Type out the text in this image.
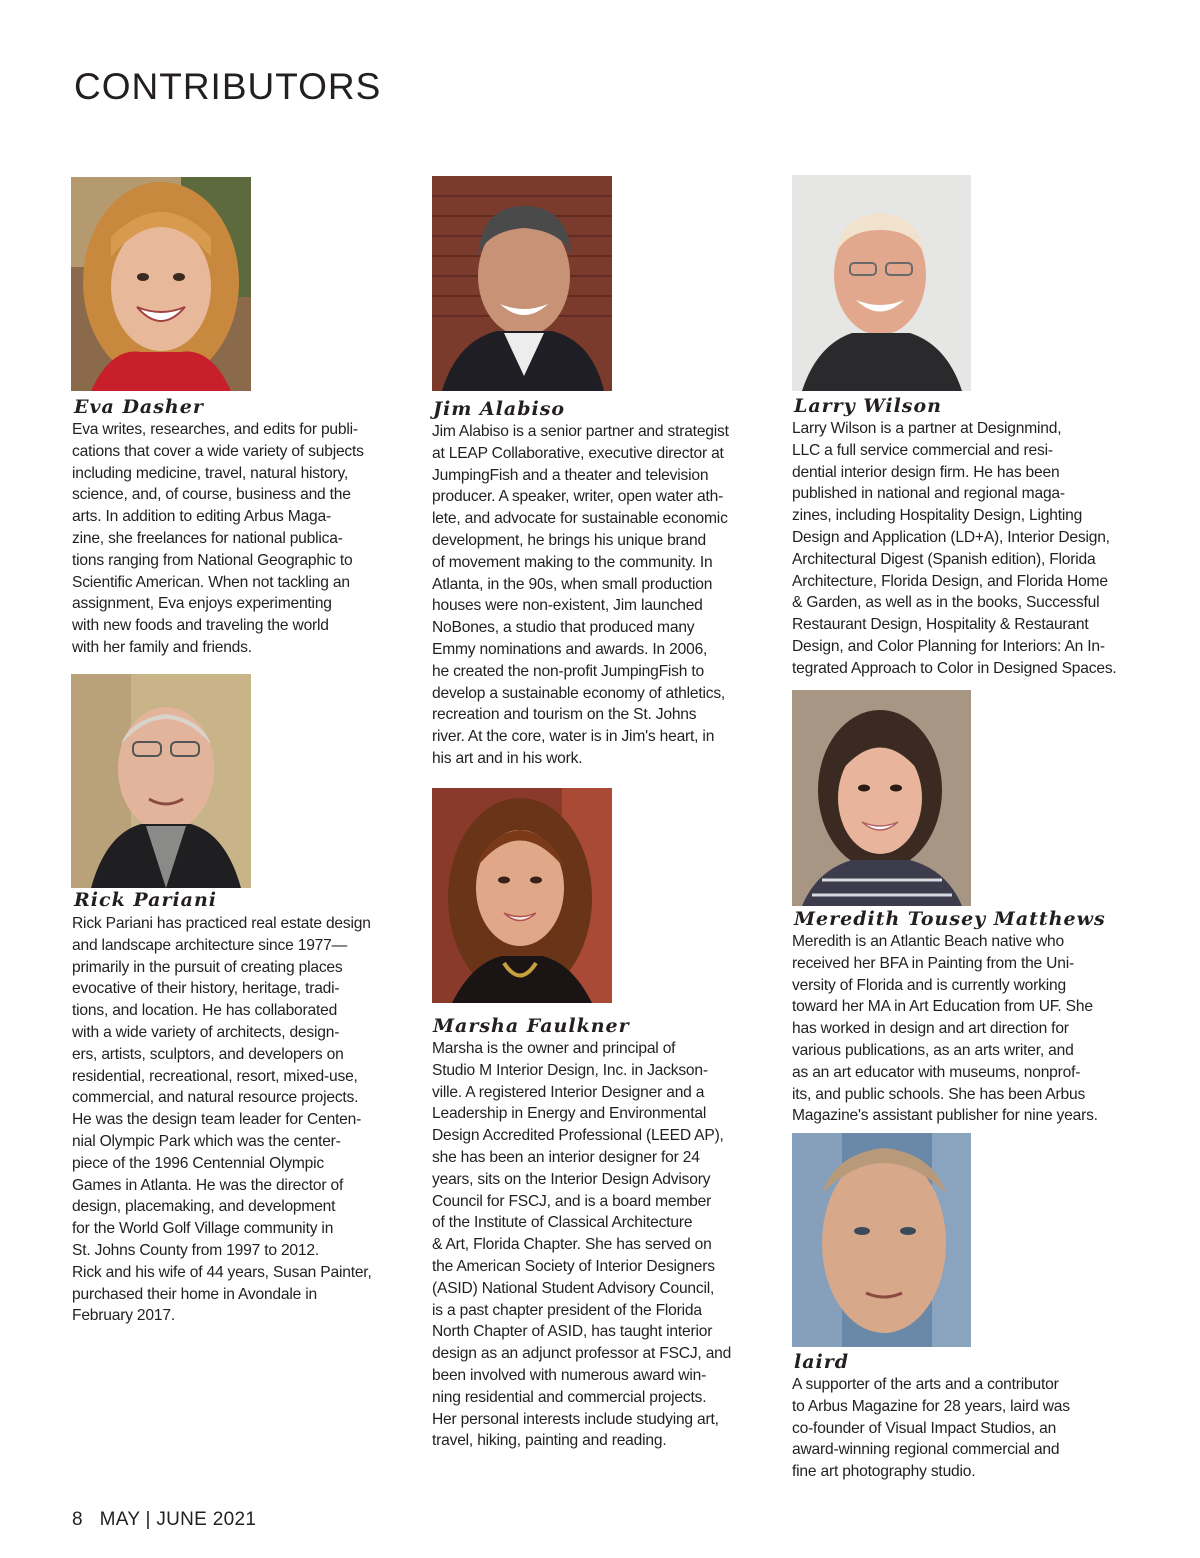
CONTRIBUTORS
Eva Dasher
Eva writes, researches, and edits for publi-
cations that cover a wide variety of subjects
including medicine, travel, natural history,
science, and, of course, business and the
arts. In addition to editing Arbus Maga-
zine, she freelances for national publica-
tions ranging from National Geographic to
Scientific American. When not tackling an
assignment, Eva enjoys experimenting
with new foods and traveling the world
with her family and friends.
Rick Pariani
Rick Pariani has practiced real estate design
and landscape architecture since 1977—
primarily in the pursuit of creating places
evocative of their history, heritage, tradi-
tions, and location. He has collaborated
with a wide variety of architects, design-
ers, artists, sculptors, and developers on
residential, recreational, resort, mixed-use,
commercial, and natural resource projects.
He was the design team leader for Centen-
nial Olympic Park which was the center-
piece of the 1996 Centennial Olympic
Games in Atlanta. He was the director of
design, placemaking, and development
for the World Golf Village community in
St. Johns County from 1997 to 2012.
Rick and his wife of 44 years, Susan Painter,
purchased their home in Avondale in
February 2017.
Jim Alabiso
Jim Alabiso is a senior partner and strategist
at LEAP Collaborative, executive director at
JumpingFish and a theater and television
producer. A speaker, writer, open water ath-
lete, and advocate for sustainable economic
development, he brings his unique brand
of movement making to the community. In
Atlanta, in the 90s, when small production
houses were non-existent, Jim launched
NoBones, a studio that produced many
Emmy nominations and awards. In 2006,
he created the non-profit JumpingFish to
develop a sustainable economy of athletics,
recreation and tourism on the St. Johns
river. At the core, water is in Jim's heart, in
his art and in his work.
Marsha Faulkner
Marsha is the owner and principal of
Studio M Interior Design, Inc. in Jackson-
ville. A registered Interior Designer and a
Leadership in Energy and Environmental
Design Accredited Professional (LEED AP),
she has been an interior designer for 24
years, sits on the Interior Design Advisory
Council for FSCJ, and is a board member
of the Institute of Classical Architecture
& Art, Florida Chapter. She has served on
the American Society of Interior Designers
(ASID) National Student Advisory Council,
is a past chapter president of the Florida
North Chapter of ASID, has taught interior
design as an adjunct professor at FSCJ, and
been involved with numerous award win-
ning residential and commercial projects.
Her personal interests include studying art,
travel, hiking, painting and reading.
Larry Wilson
Larry Wilson is a partner at Designmind,
LLC a full service commercial and resi-
dential interior design firm. He has been
published in national and regional maga-
zines, including Hospitality Design, Lighting
Design and Application (LD+A), Interior Design,
Architectural Digest (Spanish edition), Florida
Architecture, Florida Design, and Florida Home
& Garden, as well as in the books, Successful
Restaurant Design, Hospitality & Restaurant
Design, and Color Planning for Interiors: An In-
tegrated Approach to Color in Designed Spaces.
Meredith Tousey Matthews
Meredith is an Atlantic Beach native who
received her BFA in Painting from the Uni-
versity of Florida and is currently working
toward her MA in Art Education from UF. She
has worked in design and art direction for
various publications, as an arts writer, and
as an art educator with museums, nonprof-
its, and public schools. She has been Arbus
Magazine's assistant publisher for nine years.
laird
A supporter of the arts and a contributor
to Arbus Magazine for 28 years, laird was
co-founder of Visual Impact Studios, an
award-winning regional commercial and
fine art photography studio.
8 MAY | JUNE 2021
